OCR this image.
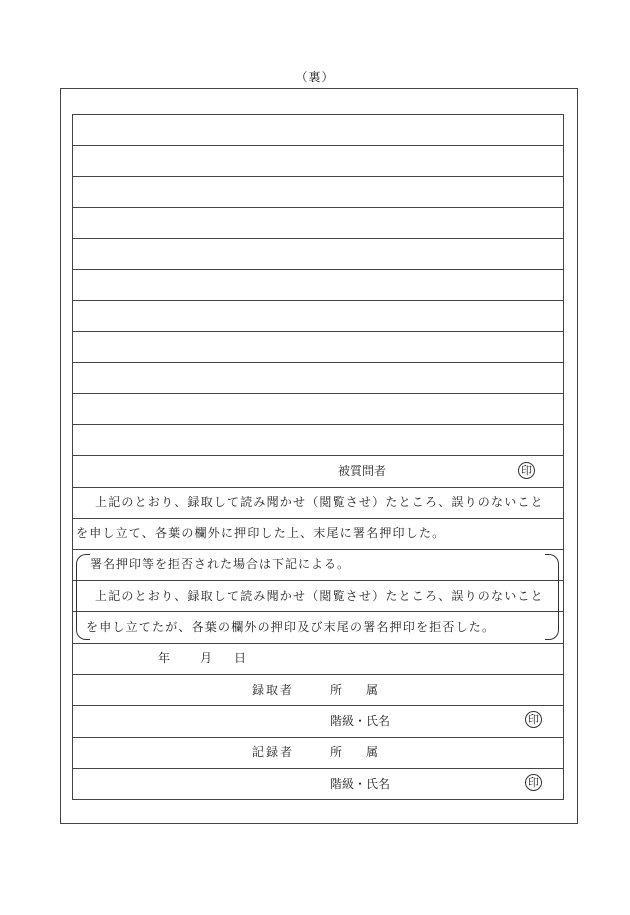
（裏）
被質問者	印
上記のとおり、録取して読み聞かせ（閲覧させ）たところ、誤りのないこと
を申し立て、各葉の欄外に押印した上、末尾に署名押印した。
署名押印等を拒否された場合は下記による。
上記のとおり、録取して読み聞かせ（閲覧させ）たところ、誤りのないこと
を申し立てたが、各葉の欄外の押印及び末尾の署名押印を拒否した。
年 月 日
録取者	所　　属
階級・氏名	印
記録者	所　　属
階級・氏名	印
